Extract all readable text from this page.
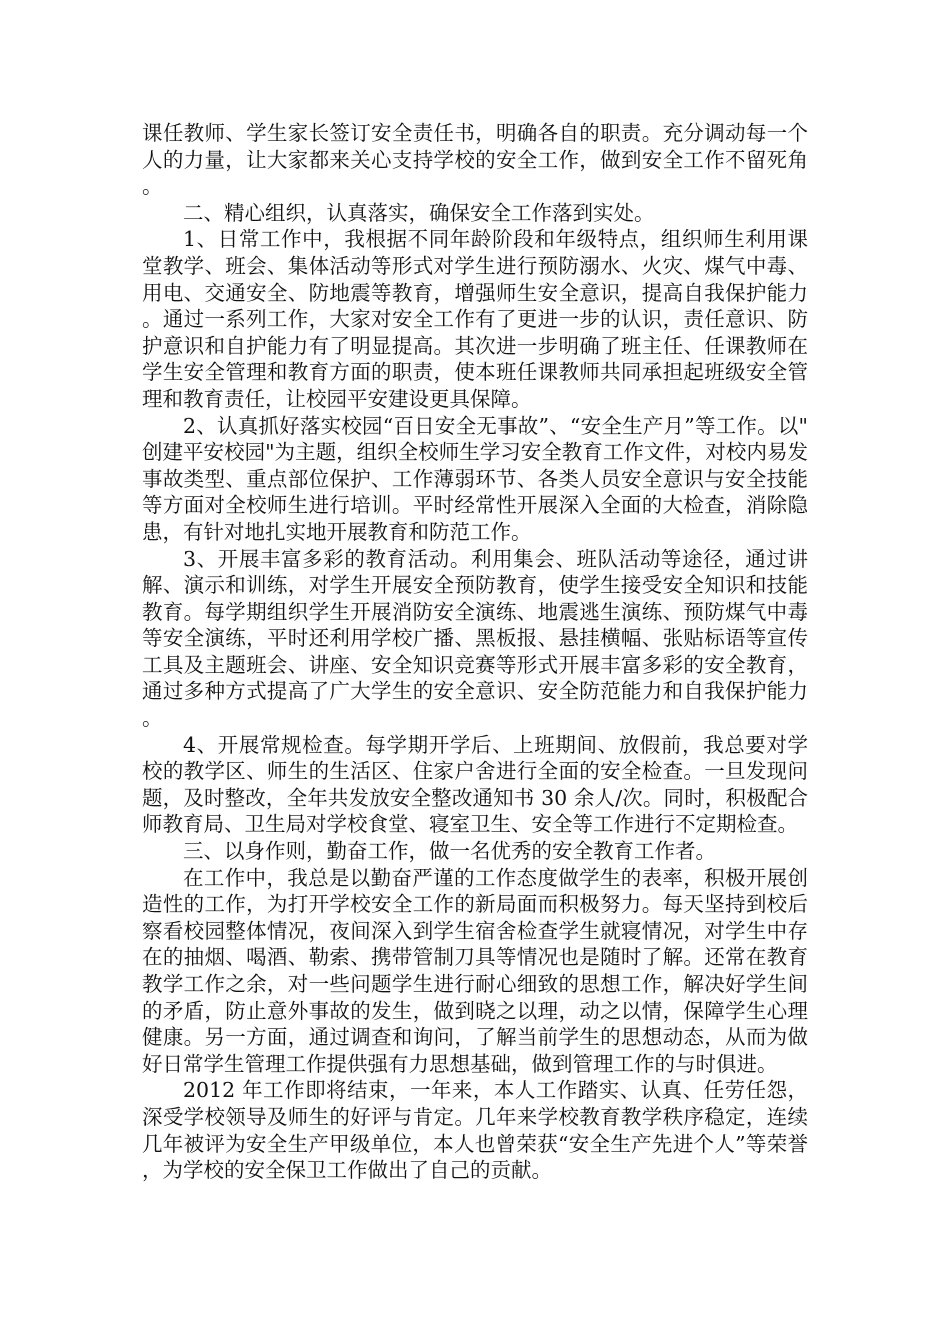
课任教师、学生家长签订安全责任书，明确各自的职责。充分调动每一个人的力量，让大家都来关心支持学校的安全工作，做到安全工作不留死角。

二、精心组织，认真落实，确保安全工作落到实处。

1、日常工作中，我根据不同年龄阶段和年级特点，组织师生利用课堂教学、班会、集体活动等形式对学生进行预防溺水、火灾、煤气中毒、用电、交通安全、防地震等教育，增强师生安全意识，提高自我保护能力。通过一系列工作，大家对安全工作有了更进一步的认识，责任意识、防护意识和自护能力有了明显提高。其次进一步明确了班主任、任课教师在学生安全管理和教育方面的职责，使本班任课教师共同承担起班级安全管理和教育责任，让校园平安建设更具保障。

2、认真抓好落实校园“百日安全无事故”、“安全生产月”等工作。以"创建平安校园"为主题，组织全校师生学习安全教育工作文件，对校内易发事故类型、重点部位保护、工作薄弱环节、各类人员安全意识与安全技能等方面对全校师生进行培训。平时经常性开展深入全面的大检查，消除隐患，有针对地扎实地开展教育和防范工作。

3、开展丰富多彩的教育活动。利用集会、班队活动等途径，通过讲解、演示和训练，对学生开展安全预防教育，使学生接受安全知识和技能教育。每学期组织学生开展消防安全演练、地震逃生演练、预防煤气中毒等安全演练，平时还利用学校广播、黑板报、悬挂横幅、张贴标语等宣传工具及主题班会、讲座、安全知识竞赛等形式开展丰富多彩的安全教育，通过多种方式提高了广大学生的安全意识、安全防范能力和自我保护能力。

4、开展常规检查。每学期开学后、上班期间、放假前，我总要对学校的教学区、师生的生活区、住家户舍进行全面的安全检查。一旦发现问题，及时整改，全年共发放安全整改通知书 30 余人/次。同时，积极配合师教育局、卫生局对学校食堂、寝室卫生、安全等工作进行不定期检查。

三、以身作则，勤奋工作，做一名优秀的安全教育工作者。

在工作中，我总是以勤奋严谨的工作态度做学生的表率，积极开展创造性的工作，为打开学校安全工作的新局面而积极努力。每天坚持到校后察看校园整体情况，夜间深入到学生宿舍检查学生就寝情况，对学生中存在的抽烟、喝酒、勒索、携带管制刀具等情况也是随时了解。还常在教育教学工作之余，对一些问题学生进行耐心细致的思想工作，解决好学生间的矛盾，防止意外事故的发生，做到晓之以理，动之以情，保障学生心理健康。另一方面，通过调查和询问，了解当前学生的思想动态，从而为做好日常学生管理工作提供强有力思想基础，做到管理工作的与时俱进。

2012 年工作即将结束，一年来，本人工作踏实、认真、任劳任怨，深受学校领导及师生的好评与肯定。几年来学校教育教学秩序稳定，连续几年被评为安全生产甲级单位，本人也曾荣获“安全生产先进个人”等荣誉，为学校的安全保卫工作做出了自己的贡献。
